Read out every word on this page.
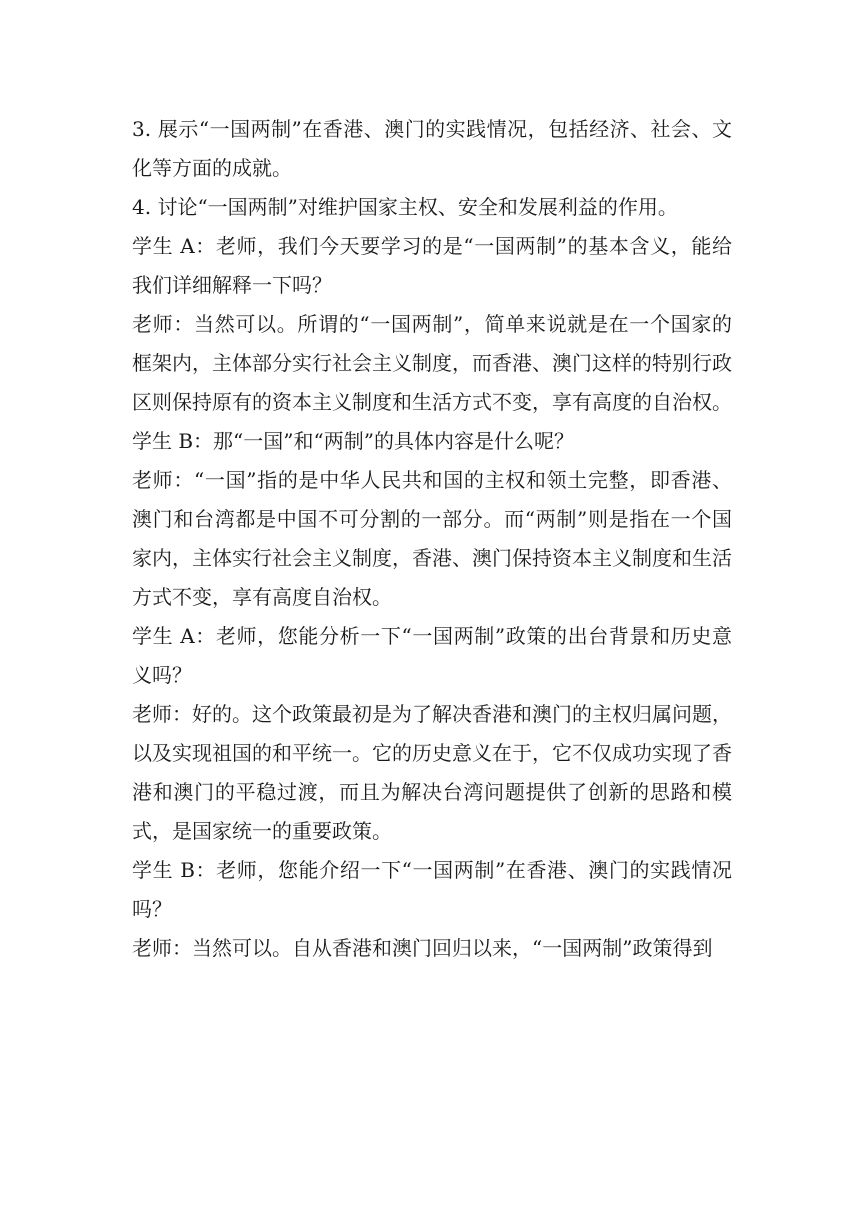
3. 展示“一国两制”在香港、澳门的实践情况，包括经济、社会、文化等方面的成就。

4. 讨论“一国两制”对维护国家主权、安全和发展利益的作用。

学生 A：老师，我们今天要学习的是“一国两制”的基本含义，能给我们详细解释一下吗？

老师：当然可以。所谓的“一国两制”，简单来说就是在一个国家的框架内，主体部分实行社会主义制度，而香港、澳门这样的特别行政区则保持原有的资本主义制度和生活方式不变，享有高度的自治权。

学生 B：那“一国”和“两制”的具体内容是什么呢？

老师：“一国”指的是中华人民共和国的主权和领土完整，即香港、澳门和台湾都是中国不可分割的一部分。而“两制”则是指在一个国家内，主体实行社会主义制度，香港、澳门保持资本主义制度和生活方式不变，享有高度自治权。

学生 A：老师，您能分析一下“一国两制”政策的出台背景和历史意义吗？

老师：好的。这个政策最初是为了解决香港和澳门的主权归属问题，以及实现祖国的和平统一。它的历史意义在于，它不仅成功实现了香港和澳门的平稳过渡，而且为解决台湾问题提供了创新的思路和模式，是国家统一的重要政策。

学生 B：老师，您能介绍一下“一国两制”在香港、澳门的实践情况吗？

老师：当然可以。自从香港和澳门回归以来，“一国两制”政策得到
